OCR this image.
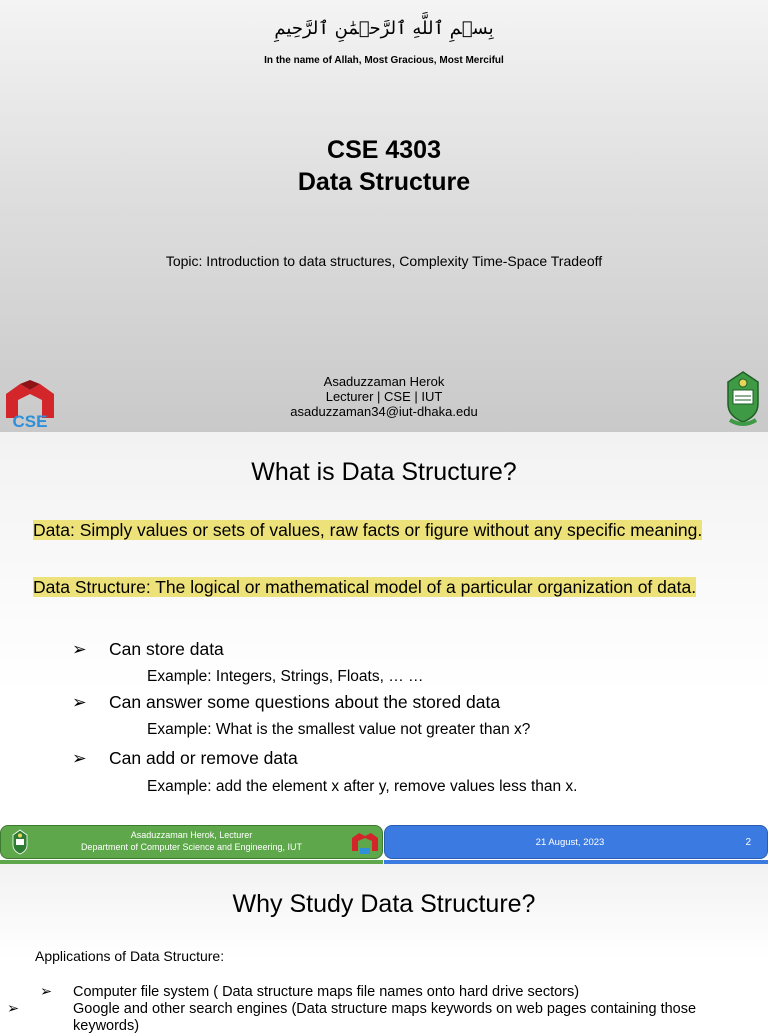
بِسۡمِ ٱللَّهِ ٱلرَّحۡمَٰنِ ٱلرَّحِيمِ
In the name of Allah, Most Gracious, Most Merciful
CSE 4303
Data Structure
Topic: Introduction to data structures, Complexity Time-Space Tradeoff
Asaduzzaman Herok
Lecturer | CSE | IUT
asaduzzaman34@iut-dhaka.edu
CSE
What is Data Structure?
Data: Simply values or sets of values, raw facts or figure without any specific meaning.
Data Structure: The logical or mathematical model of a particular organization of data.
➢ Can store data
Example: Integers, Strings, Floats, … …
➢ Can answer some questions about the stored data
Example: What is the smallest value not greater than x?
➢ Can add or remove data
Example: add the element x after y, remove values less than x.
Asaduzzaman Herok, Lecturer
Department of Computer Science and Engineering, IUT	21 August, 2023	2
Why Study Data Structure?
Applications of Data Structure:
➢ Computer file system ( Data structure maps file names onto hard drive sectors)
➢	Google and other search engines (Data structure maps keywords on web pages containing those keywords)
